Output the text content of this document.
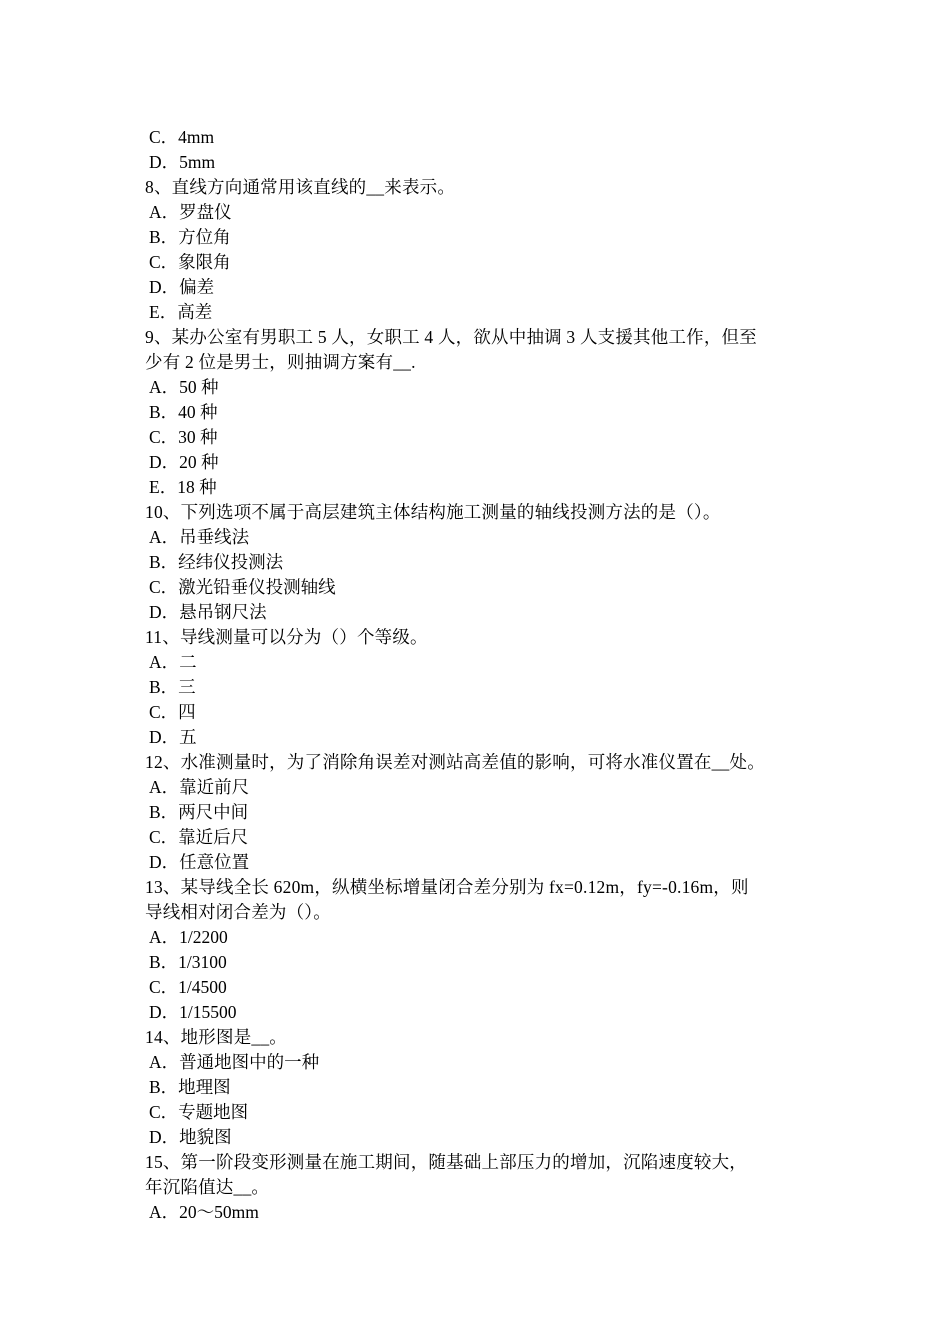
C．4mm
D．5mm
8、直线方向通常用该直线的__来表示。
A．罗盘仪
B．方位角
C．象限角
D．偏差
E．高差
9、某办公室有男职工 5 人，女职工 4 人，欲从中抽调 3 人支援其他工作，但至
少有 2 位是男士，则抽调方案有__.
A．50 种
B．40 种
C．30 种
D．20 种
E．18 种
10、下列选项不属于高层建筑主体结构施工测量的轴线投测方法的是（）。
A．吊垂线法
B．经纬仪投测法
C．激光铅垂仪投测轴线
D．悬吊钢尺法
11、导线测量可以分为（）个等级。
A．二
B．三
C．四
D．五
12、水准测量时，为了消除角误差对测站高差值的影响，可将水准仪置在__处。
A．靠近前尺
B．两尺中间
C．靠近后尺
D．任意位置
13、某导线全长 620m，纵横坐标增量闭合差分别为 fx=0.12m，fy=-0.16m，则
导线相对闭合差为（）。
A．1/2200
B．1/3100
C．1/4500
D．1/15500
14、地形图是__。
A．普通地图中的一种
B．地理图
C．专题地图
D．地貌图
15、第一阶段变形测量在施工期间，随基础上部压力的增加，沉陷速度较大，
年沉陷值达__。
A．20～50mm
